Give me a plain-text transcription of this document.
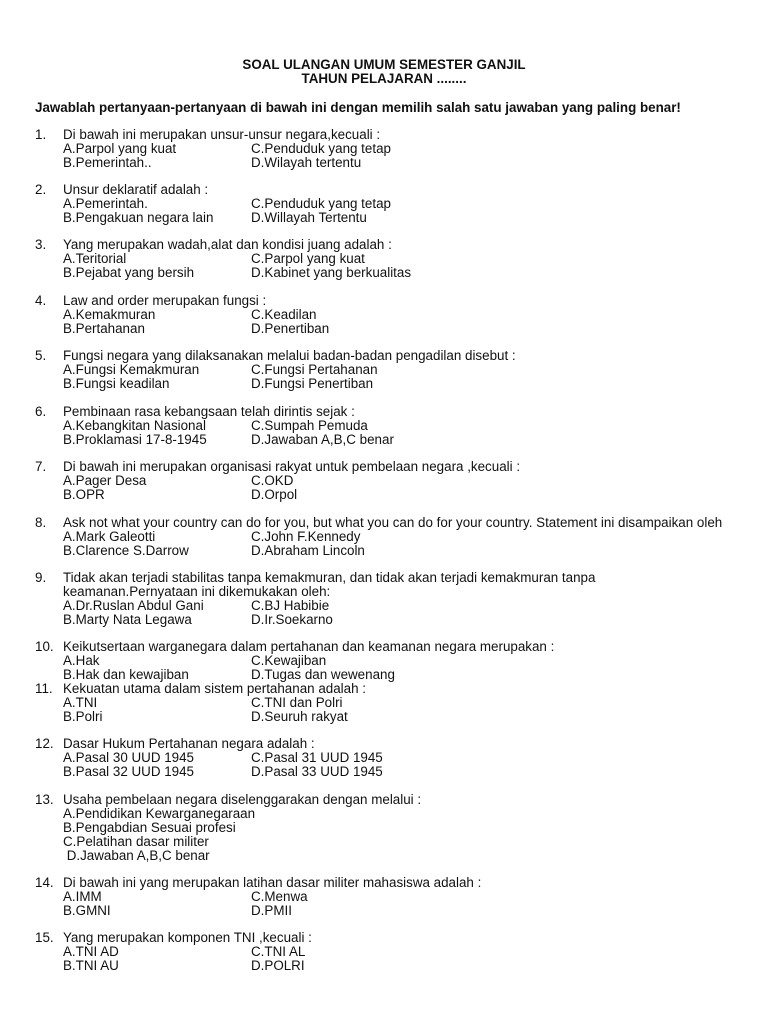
SOAL ULANGAN UMUM SEMESTER GANJIL
TAHUN PELAJARAN ........
Jawablah pertanyaan-pertanyaan di bawah ini dengan memilih salah satu jawaban yang paling benar!
1.	Di bawah ini merupakan unsur-unsur negara,kecuali :
A.Parpol yang kuat	C.Penduduk yang tetap
B.Pemerintah..	D.Wilayah tertentu
2.	Unsur deklaratif adalah :
A.Pemerintah.	C.Penduduk yang tetap
B.Pengakuan negara lain	D.Willayah Tertentu
3.	Yang merupakan wadah,alat dan kondisi juang adalah :
A.Teritorial	C.Parpol yang kuat
B.Pejabat yang bersih	D.Kabinet yang berkualitas
4.	Law and order merupakan fungsi :
A.Kemakmuran	C.Keadilan
B.Pertahanan	D.Penertiban
5.	Fungsi negara yang dilaksanakan melalui badan-badan pengadilan disebut :
A.Fungsi Kemakmuran	C.Fungsi Pertahanan
B.Fungsi keadilan	D.Fungsi Penertiban
6.	Pembinaan rasa kebangsaan telah dirintis sejak :
A.Kebangkitan Nasional	C.Sumpah Pemuda
B.Proklamasi 17-8-1945	D.Jawaban A,B,C benar
7.	Di bawah ini merupakan organisasi rakyat untuk pembelaan negara ,kecuali :
A.Pager Desa	C.OKD
B.OPR	D.Orpol
8.	Ask not what your country can do for you, but what you can do for your country. Statement ini disampaikan oleh
A.Mark Galeotti	C.John F.Kennedy
B.Clarence S.Darrow	D.Abraham Lincoln
9.	Tidak akan terjadi stabilitas tanpa kemakmuran, dan tidak akan terjadi kemakmuran tanpa keamanan.Pernyataan ini dikemukakan oleh:
A.Dr.Ruslan Abdul Gani	C.BJ Habibie
B.Marty Nata Legawa	D.Ir.Soekarno
10. Keikutsertaan warganegara dalam pertahanan dan keamanan negara merupakan :
A.Hak	C.Kewajiban
B.Hak dan kewajiban	D.Tugas dan wewenang
11. Kekuatan utama dalam sistem pertahanan adalah :
A.TNI	C.TNI dan Polri
B.Polri	D.Seuruh rakyat
12. Dasar Hukum Pertahanan negara adalah :
A.Pasal 30 UUD 1945	C.Pasal 31 UUD 1945
B.Pasal 32 UUD 1945	D.Pasal 33 UUD 1945
13. Usaha pembelaan negara diselenggarakan dengan melalui :
A.Pendidikan Kewarganegaraan
B.Pengabdian Sesuai profesi
C.Pelatihan dasar militer
D.Jawaban A,B,C benar
14. Di bawah ini yang merupakan latihan dasar militer mahasiswa adalah :
A.IMM	C.Menwa
B.GMNI	D.PMII
15. Yang merupakan komponen TNI ,kecuali :
A.TNI AD	C.TNI AL
B.TNI AU	D.POLRI
